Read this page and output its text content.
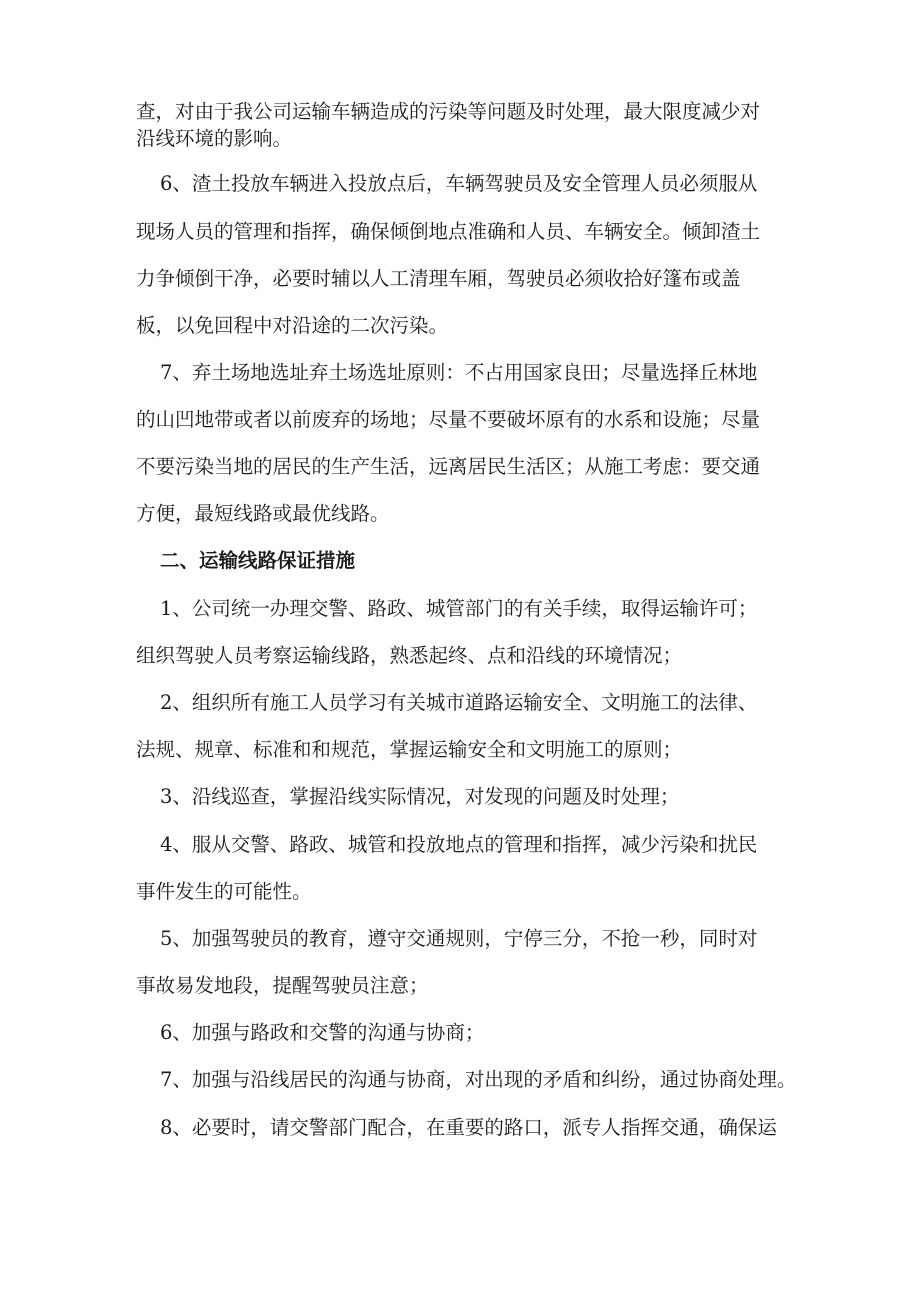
查，对由于我公司运输车辆造成的污染等问题及时处理，最大限度减少对

沿线环境的影响。

6、渣土投放车辆进入投放点后，车辆驾驶员及安全管理人员必须服从

现场人员的管理和指挥，确保倾倒地点准确和人员、车辆安全。倾卸渣土

力争倾倒干净，必要时辅以人工清理车厢，驾驶员必须收拾好篷布或盖

板，以免回程中对沿途的二次污染。

7、弃土场地选址弃土场选址原则：不占用国家良田；尽量选择丘林地

的山凹地带或者以前废弃的场地；尽量不要破坏原有的水系和设施；尽量

不要污染当地的居民的生产生活，远离居民生活区；从施工考虑：要交通

方便，最短线路或最优线路。

二、运输线路保证措施

1、公司统一办理交警、路政、城管部门的有关手续，取得运输许可；

组织驾驶人员考察运输线路，熟悉起终、点和沿线的环境情况；

2、组织所有施工人员学习有关城市道路运输安全、文明施工的法律、

法规、规章、标准和和规范，掌握运输安全和文明施工的原则；

3、沿线巡查，掌握沿线实际情况，对发现的问题及时处理；

4、服从交警、路政、城管和投放地点的管理和指挥，减少污染和扰民

事件发生的可能性。

5、加强驾驶员的教育，遵守交通规则，宁停三分，不抢一秒，同时对

事故易发地段，提醒驾驶员注意；

6、加强与路政和交警的沟通与协商；

7、加强与沿线居民的沟通与协商，对出现的矛盾和纠纷，通过协商处理。

8、必要时，请交警部门配合，在重要的路口，派专人指挥交通，确保运
